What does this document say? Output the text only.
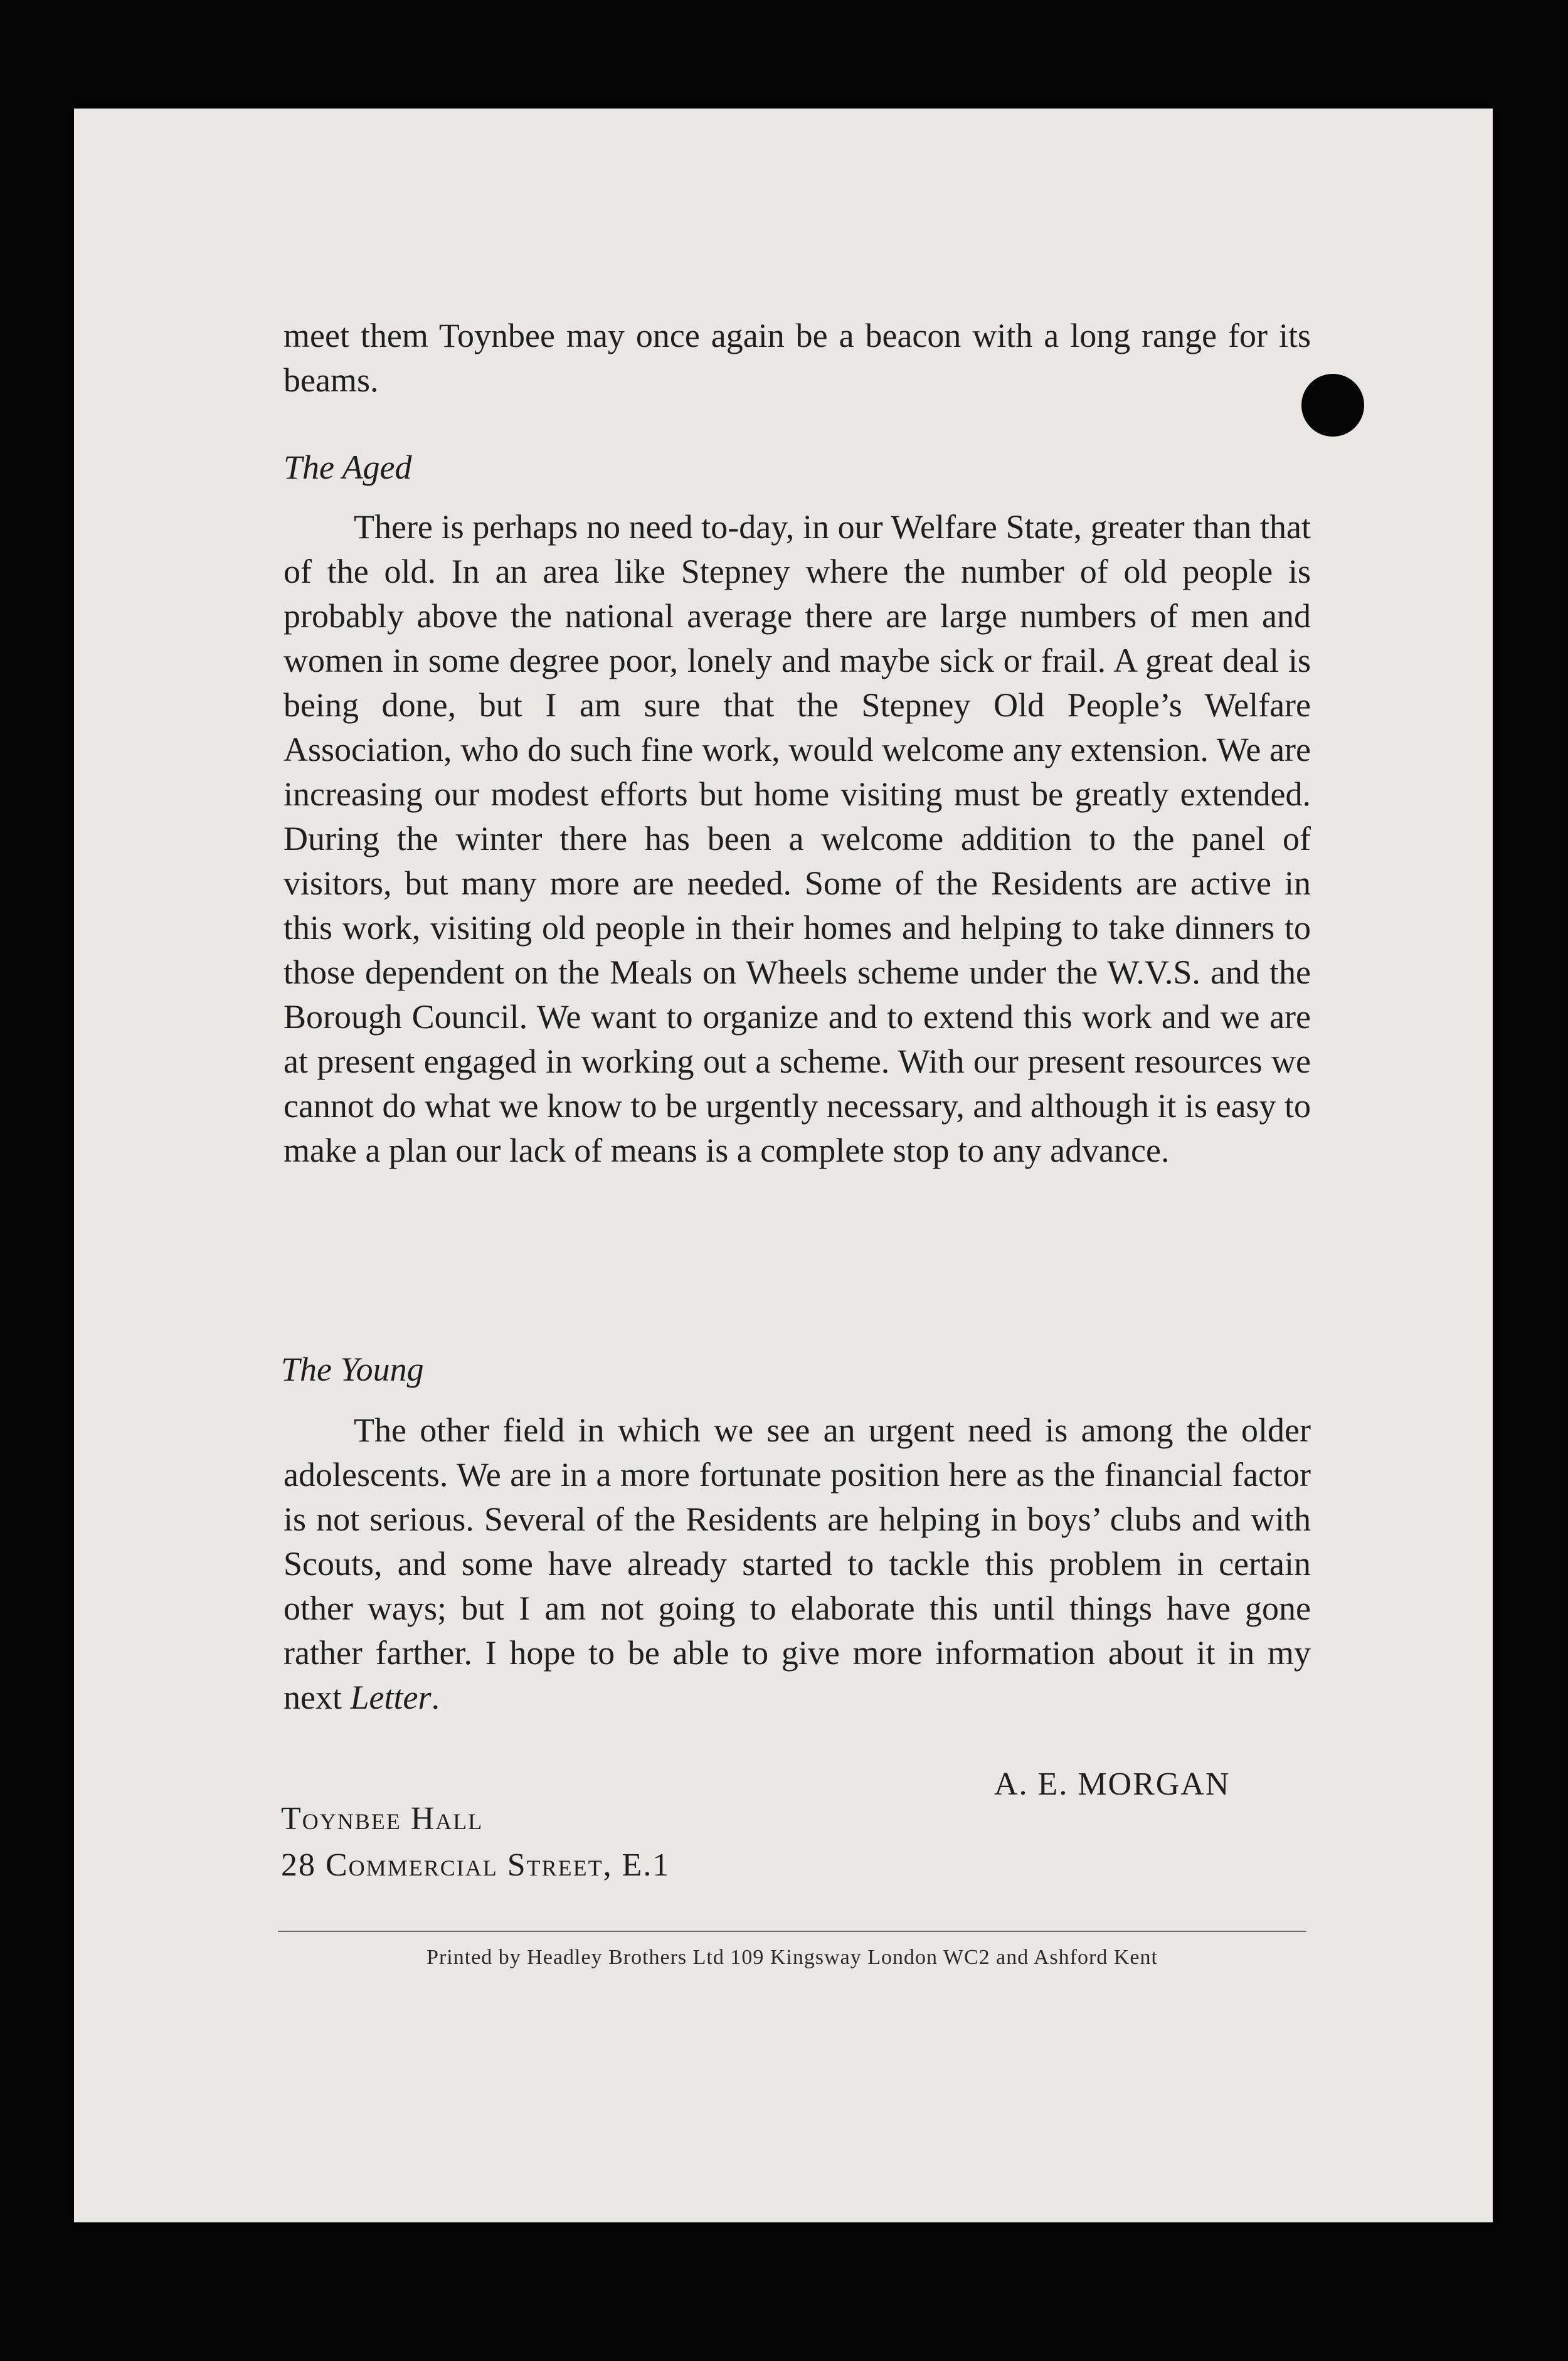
meet them Toynbee may once again be a beacon with a long range for its beams.

The Aged

There is perhaps no need to-day, in our Welfare State, greater than that of the old. In an area like Stepney where the number of old people is probably above the national average there are large numbers of men and women in some degree poor, lonely and maybe sick or frail. A great deal is being done, but I am sure that the Stepney Old People’s Welfare Association, who do such fine work, would welcome any extension. We are increasing our modest efforts but home visiting must be greatly extended. During the winter there has been a welcome addition to the panel of visitors, but many more are needed. Some of the Residents are active in this work, visiting old people in their homes and helping to take dinners to those dependent on the Meals on Wheels scheme under the W.V.S. and the Borough Council. We want to organize and to extend this work and we are at present engaged in working out a scheme. With our present resources we cannot do what we know to be urgently necessary, and although it is easy to make a plan our lack of means is a complete stop to any advance.

The Young

The other field in which we see an urgent need is among the older adolescents. We are in a more fortunate position here as the financial factor is not serious. Several of the Residents are helping in boys’ clubs and with Scouts, and some have already started to tackle this problem in certain other ways; but I am not going to elaborate this until things have gone rather farther. I hope to be able to give more information about it in my next Letter.

A. E. MORGAN
Toynbee Hall
28 Commercial Street, E.1
Printed by Headley Brothers Ltd 109 Kingsway London WC2 and Ashford Kent
